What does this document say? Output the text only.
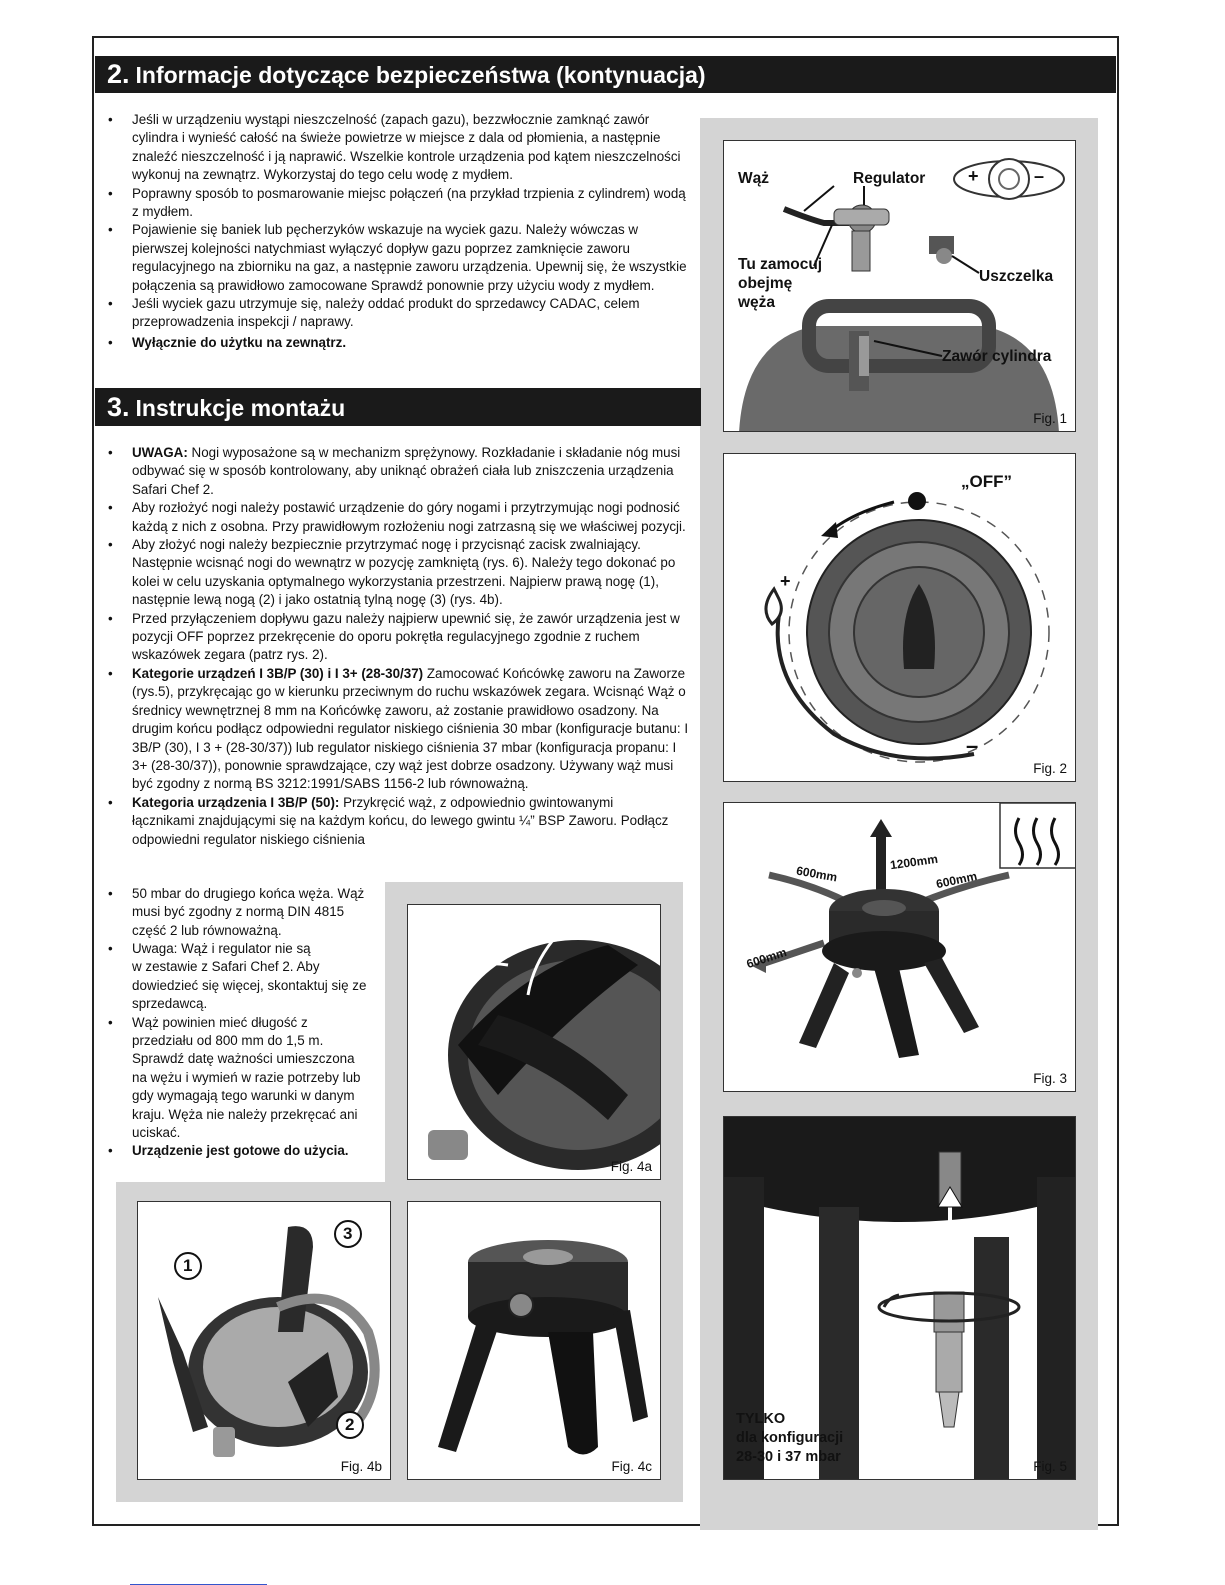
2. Informacje dotyczące bezpieczeństwa (kontynuacja)
• Jeśli w urządzeniu wystąpi nieszczelność (zapach gazu), bezzwłocznie zamknąć zawór cylindra i wynieść całość na świeże powietrze w miejsce z dala od płomienia, a następnie znaleźć nieszczelność i ją naprawić. Wszelkie kontrole urządzenia pod kątem nieszczelności wykonuj na zewnątrz. Wykorzystaj do tego celu wodę z mydłem.
• Poprawny sposób to posmarowanie miejsc połączeń (na przykład trzpienia z cylindrem) wodą z mydłem.
• Pojawienie się baniek lub pęcherzyków wskazuje na wyciek gazu. Należy wówczas w pierwszej kolejności natychmiast wyłączyć dopływ gazu poprzez zamknięcie zaworu regulacyjnego na zbiorniku na gaz, a następnie zaworu urządzenia. Upewnij się, że wszystkie połączenia są prawidłowo zamocowane Sprawdź ponownie przy użyciu wody z mydłem.
• Jeśli wyciek gazu utrzymuje się, należy oddać produkt do sprzedawcy CADAC, celem przeprowadzenia inspekcji / naprawy.
• Wyłącznie do użytku na zewnątrz.
3. Instrukcje montażu
• UWAGA: Nogi wyposażone są w mechanizm sprężynowy. Rozkładanie i składanie nóg musi odbywać się w sposób kontrolowany, aby uniknąć obrażeń ciała lub zniszczenia urządzenia Safari Chef 2.
• Aby rozłożyć nogi należy postawić urządzenie do góry nogami i przytrzymując nogi podnosić każdą z nich z osobna. Przy prawidłowym rozłożeniu nogi zatrzasną się we właściwej pozycji.
• Aby złożyć nogi należy bezpiecznie przytrzymać nogę i przycisnąć zacisk zwalniający. Następnie wcisnąć nogi do wewnątrz w pozycję zamkniętą (rys. 6). Należy tego dokonać po kolei w celu uzyskania optymalnego wykorzystania przestrzeni. Najpierw prawą nogę (1), następnie lewą nogą (2) i jako ostatnią tylną nogę (3) (rys. 4b).
• Przed przyłączeniem dopływu gazu należy najpierw upewnić się, że zawór urządzenia jest w pozycji OFF poprzez przekręcenie do oporu pokrętła regulacyjnego zgodnie z ruchem wskazówek zegara (patrz rys. 2).
• Kategorie urządzeń I 3B/P (30) i I 3+ (28-30/37) Zamocować Końcówkę zaworu na Zaworze (rys.5), przykręcając go w kierunku przeciwnym do ruchu wskazówek zegara. Wcisnąć Wąż o średnicy wewnętrznej 8 mm na Końcówkę zaworu, aż zostanie prawidłowo osadzony. Na drugim końcu podłącz odpowiedni regulator niskiego ciśnienia 30 mbar (konfiguracje butanu: I 3B/P (30), I 3 + (28-30/37)) lub regulator niskiego ciśnienia 37 mbar (konfiguracja propanu: I 3+ (28-30/37)), ponownie sprawdzające, czy wąż jest dobrze osadzony. Używany wąż musi być zgodny z normą BS 3212:1991/SABS 1156-2 lub równoważną.
• Kategoria urządzenia I 3B/P (50): Przykręcić wąż, z odpowiednio gwintowanymi
łącznikami znajdującymi się na każdym końcu, do lewego gwintu ¼” BSP Zaworu. Podłącz
odpowiedni regulator niskiego ciśnienia
• 50 mbar do drugiego końca węża. Wąż
musi być zgodny z normą DIN 4815
część 2 lub równoważną.
• Uwaga: Wąż i regulator nie są
w zestawie z Safari Chef 2. Aby
dowiedzieć się więcej, skontaktuj się ze
sprzedawcą.
• Wąż powinien mieć długość z
przedziału od 800 mm do 1,5 m.
Sprawdź datę ważności umieszczona
na wężu i wymień w razie potrzeby lub
gdy wymagają tego warunki w danym
kraju. Węża nie należy przekręcać ani
uciskać.
• Urządzenie jest gotowe do użycia.
Wąż	Regulator +	–
Tu zamocuj
obejmę
węża
Uszczelka
Zawór cylindra
Fig. 1
„OFF”
+
–
Fig. 2
600mm
1200mm
600mm
600mm
Fig. 3
Fig. 4a
1
3
2
Fig. 4b	Fig. 4c
TYLKO
dla konfiguracji
28-30 i 37 mbar
Fig. 5
